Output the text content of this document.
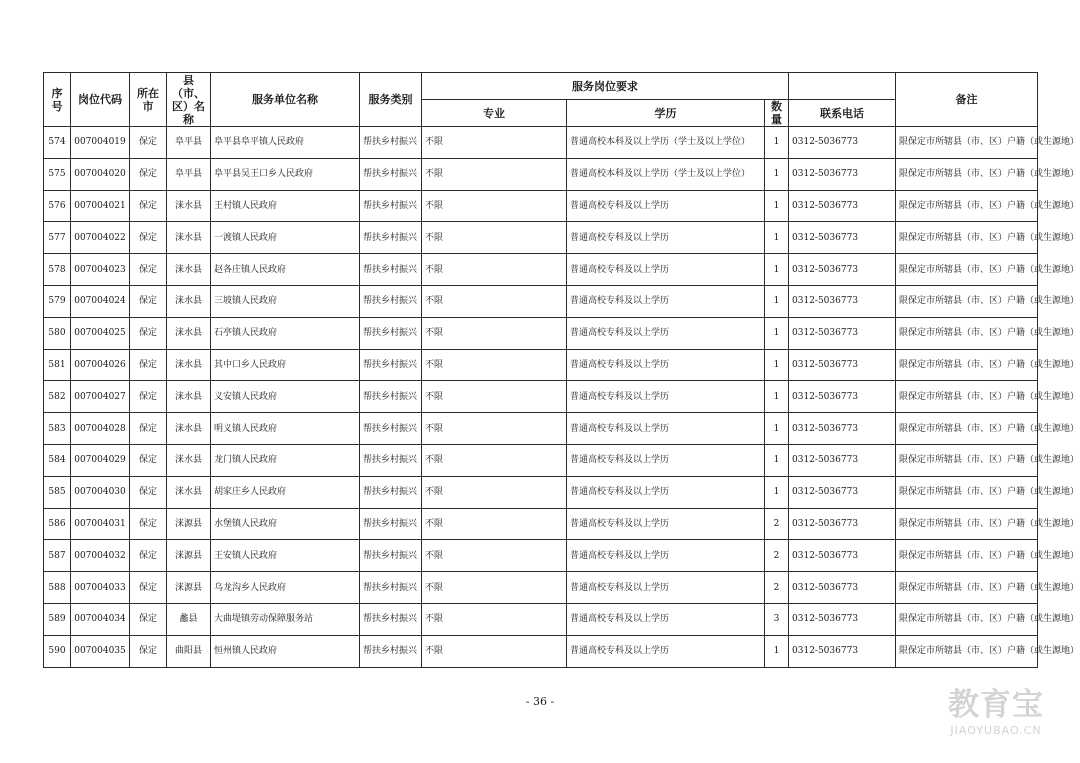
序号	岗位代码	所在市	县（市、区）名称	服务单位名称	服务类别	服务岗位要求				备注
						专业	学历	数量	联系电话	
574	007004019	保定	阜平县	阜平县阜平镇人民政府	帮扶乡村振兴	不限	普通高校本科及以上学历（学士及以上学位）	1	0312-5036773	限保定市所辖县（市、区）户籍（或生源地）
575	007004020	保定	阜平县	阜平县吴王口乡人民政府	帮扶乡村振兴	不限	普通高校本科及以上学历（学士及以上学位）	1	0312-5036773	限保定市所辖县（市、区）户籍（或生源地）
576	007004021	保定	涞水县	王村镇人民政府	帮扶乡村振兴	不限	普通高校专科及以上学历	1	0312-5036773	限保定市所辖县（市、区）户籍（或生源地）
577	007004022	保定	涞水县	一渡镇人民政府	帮扶乡村振兴	不限	普通高校专科及以上学历	1	0312-5036773	限保定市所辖县（市、区）户籍（或生源地）
578	007004023	保定	涞水县	赵各庄镇人民政府	帮扶乡村振兴	不限	普通高校专科及以上学历	1	0312-5036773	限保定市所辖县（市、区）户籍（或生源地）
579	007004024	保定	涞水县	三坡镇人民政府	帮扶乡村振兴	不限	普通高校专科及以上学历	1	0312-5036773	限保定市所辖县（市、区）户籍（或生源地）
580	007004025	保定	涞水县	石亭镇人民政府	帮扶乡村振兴	不限	普通高校专科及以上学历	1	0312-5036773	限保定市所辖县（市、区）户籍（或生源地）
581	007004026	保定	涞水县	其中口乡人民政府	帮扶乡村振兴	不限	普通高校专科及以上学历	1	0312-5036773	限保定市所辖县（市、区）户籍（或生源地）
582	007004027	保定	涞水县	义安镇人民政府	帮扶乡村振兴	不限	普通高校专科及以上学历	1	0312-5036773	限保定市所辖县（市、区）户籍（或生源地）
583	007004028	保定	涞水县	明义镇人民政府	帮扶乡村振兴	不限	普通高校专科及以上学历	1	0312-5036773	限保定市所辖县（市、区）户籍（或生源地）
584	007004029	保定	涞水县	龙门镇人民政府	帮扶乡村振兴	不限	普通高校专科及以上学历	1	0312-5036773	限保定市所辖县（市、区）户籍（或生源地）
585	007004030	保定	涞水县	胡家庄乡人民政府	帮扶乡村振兴	不限	普通高校专科及以上学历	1	0312-5036773	限保定市所辖县（市、区）户籍（或生源地）
586	007004031	保定	涞源县	水堡镇人民政府	帮扶乡村振兴	不限	普通高校专科及以上学历	2	0312-5036773	限保定市所辖县（市、区）户籍（或生源地）
587	007004032	保定	涞源县	王安镇人民政府	帮扶乡村振兴	不限	普通高校专科及以上学历	2	0312-5036773	限保定市所辖县（市、区）户籍（或生源地）
588	007004033	保定	涞源县	乌龙沟乡人民政府	帮扶乡村振兴	不限	普通高校专科及以上学历	2	0312-5036773	限保定市所辖县（市、区）户籍（或生源地）
589	007004034	保定	蠡县	大曲堤镇劳动保障服务站	帮扶乡村振兴	不限	普通高校专科及以上学历	3	0312-5036773	限保定市所辖县（市、区）户籍（或生源地）
590	007004035	保定	曲阳县	恒州镇人民政府	帮扶乡村振兴	不限	普通高校专科及以上学历	1	0312-5036773	限保定市所辖县（市、区）户籍（或生源地）
- 36 -	教育宝
JIAOYUBAO.CN
